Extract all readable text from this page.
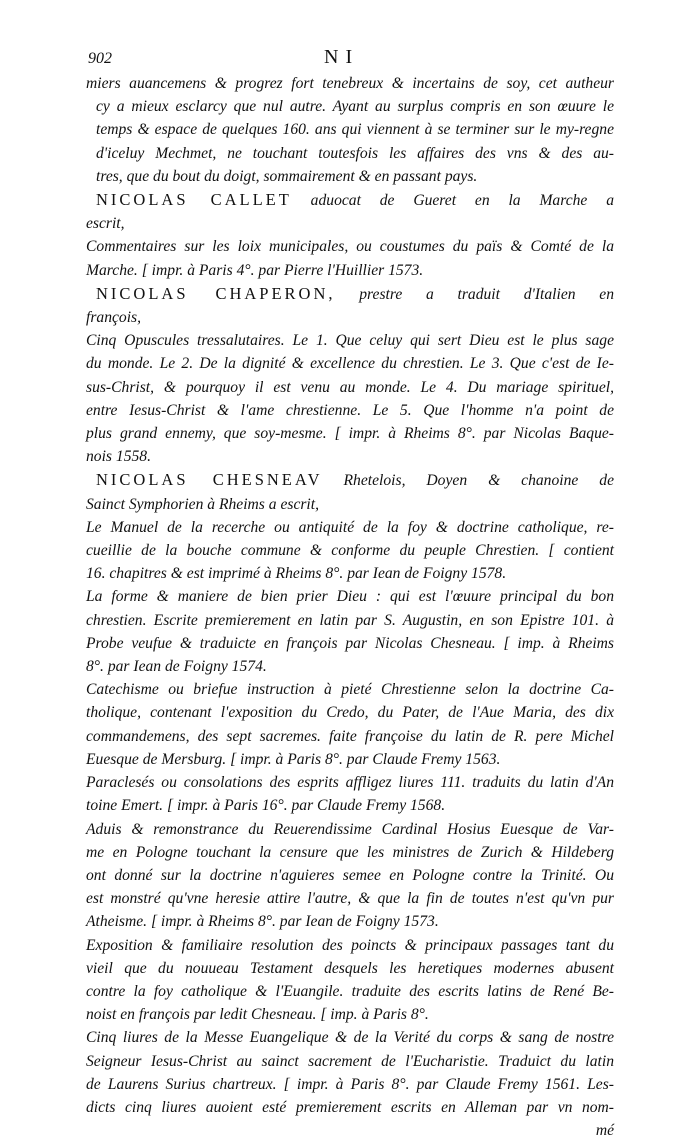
902	N I
miers auancemens & progrez fort tenebreux & incertains de soy, cet autheur
cy a mieux esclarcy que nul autre. Ayant au surplus compris en son œuure le
temps & espace de quelques 160. ans qui viennent à se terminer sur le my-regne
d'iceluy Mechmet, ne touchant toutesfois les affaires des vns & des au-
tres, que du bout du doigt, sommairement & en passant pays.
NICOLAS CALLET aduocat de Gueret en la Marche a
escrit,
Commentaires sur les loix municipales, ou coustumes du païs & Comté de la
Marche. [ impr. à Paris 4°. par Pierre l'Huillier 1573.
NICOLAS CHAPERON, prestre a traduit d'Italien en
françois,
Cinq Opuscules tressalutaires. Le 1. Que celuy qui sert Dieu est le plus sage
du monde. Le 2. De la dignité & excellence du chrestien. Le 3. Que c'est de Ie-
sus-Christ, & pourquoy il est venu au monde. Le 4. Du mariage spirituel,
entre Iesus-Christ & l'ame chrestienne. Le 5. Que l'homme n'a point de
plus grand ennemy, que soy-mesme. [ impr. à Rheims 8°. par Nicolas Baque-
nois 1558.
NICOLAS CHESNEAV Rhetelois, Doyen & chanoine de
Sainct Symphorien à Rheims a escrit,
Le Manuel de la recerche ou antiquité de la foy & doctrine catholique, re-
cueillie de la bouche commune & conforme du peuple Chrestien. [ contient
16. chapitres & est imprimé à Rheims 8°. par Iean de Foigny 1578.
La forme & maniere de bien prier Dieu : qui est l'œuure principal du bon
chrestien. Escrite premierement en latin par S. Augustin, en son Epistre 101. à
Probe veufue & traduicte en françois par Nicolas Chesneau. [ imp. à Rheims
8°. par Iean de Foigny 1574.
Catechisme ou briefue instruction à pieté Chrestienne selon la doctrine Ca-
tholique, contenant l'exposition du Credo, du Pater, de l'Aue Maria, des dix
commandemens, des sept sacremes. faite françoise du latin de R. pere Michel
Euesque de Mersburg. [ impr. à Paris 8°. par Claude Fremy 1563.
Paraclesés ou consolations des esprits affligez liures 111. traduits du latin d'An
toine Emert. [ impr. à Paris 16°. par Claude Fremy 1568.
Aduis & remonstrance du Reuerendissime Cardinal Hosius Euesque de Var-
me en Pologne touchant la censure que les ministres de Zurich & Hildeberg
ont donné sur la doctrine n'aguieres semee en Pologne contre la Trinité. Ou
est monstré qu'vne heresie attire l'autre, & que la fin de toutes n'est qu'vn pur
Atheisme. [ impr. à Rheims 8°. par Iean de Foigny 1573.
Exposition & familiaire resolution des poincts & principaux passages tant du
vieil que du nouueau Testament desquels les heretiques modernes abusent
contre la foy catholique & l'Euangile. traduite des escrits latins de René Be-
noist en françois par ledit Chesneau. [ imp. à Paris 8°.
Cinq liures de la Messe Euangelique & de la Verité du corps & sang de nostre
Seigneur Iesus-Christ au sainct sacrement de l'Eucharistie. Traduict du latin
de Laurens Surius chartreux. [ impr. à Paris 8°. par Claude Fremy 1561. Les-
dicts cinq liures auoient esté premierement escrits en Alleman par vn nom-
mé
